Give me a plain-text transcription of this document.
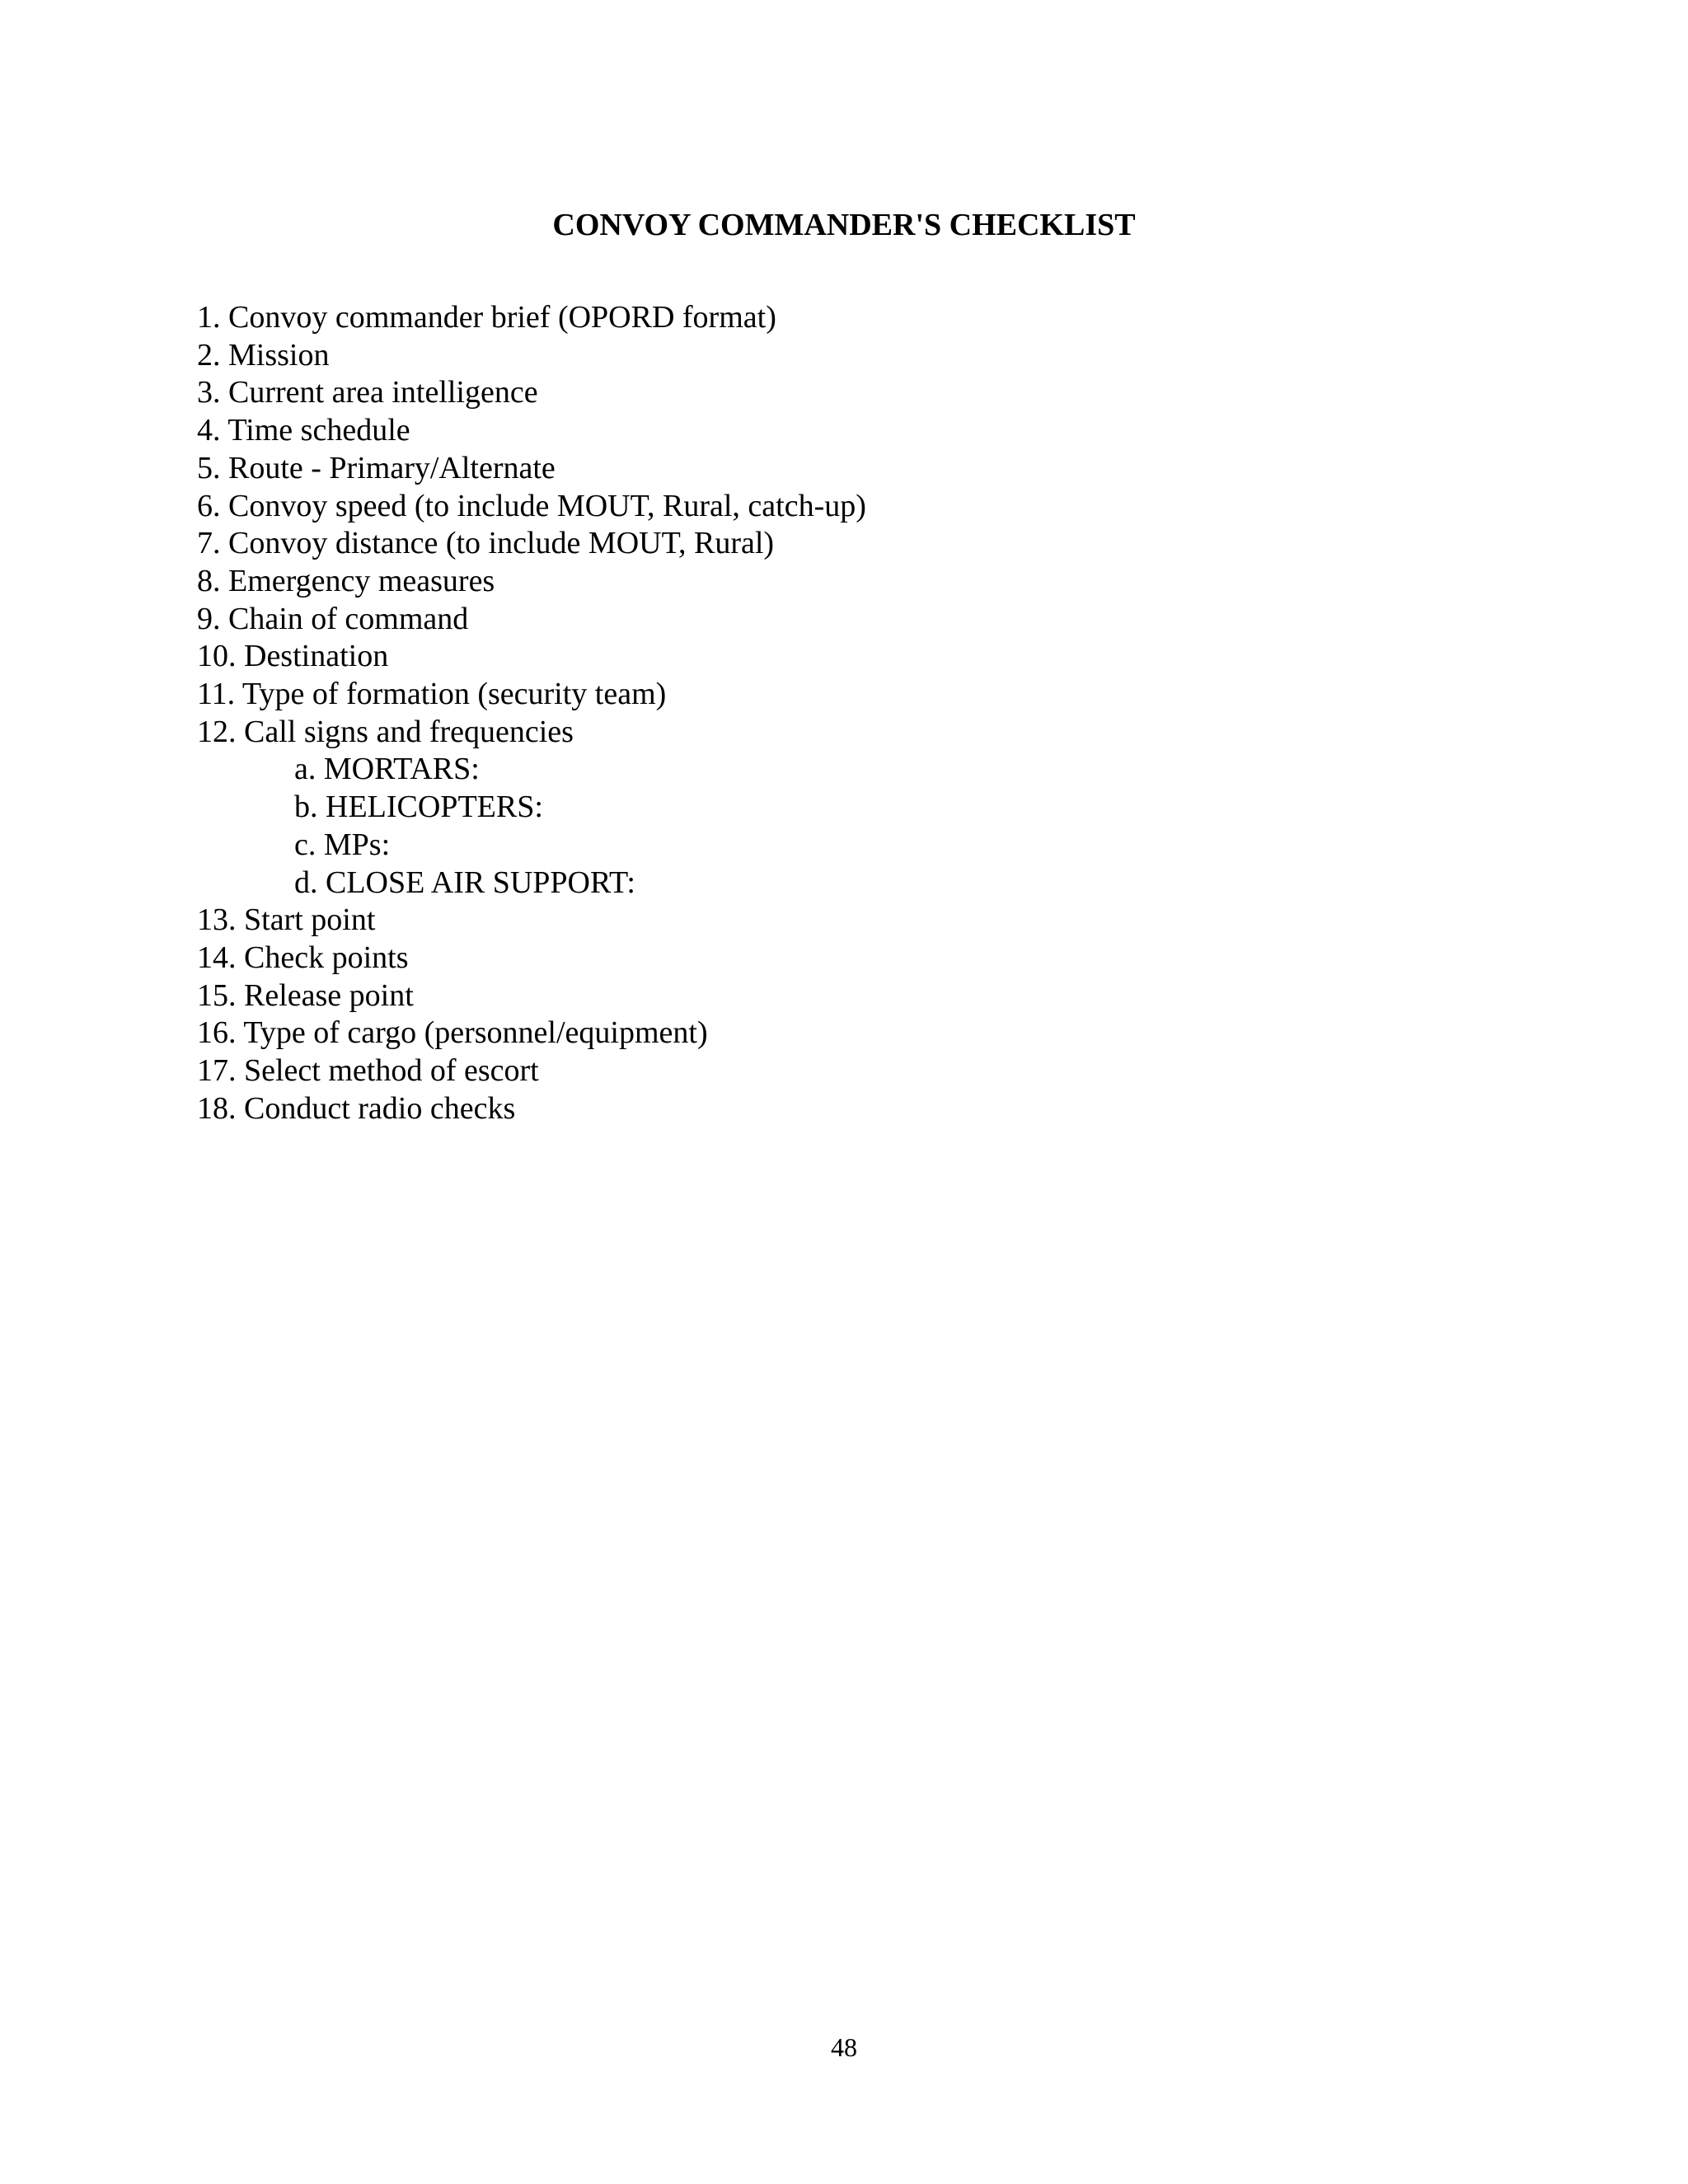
CONVOY COMMANDER'S CHECKLIST
1. Convoy commander brief (OPORD format)
2. Mission
3. Current area intelligence
4. Time schedule
5. Route - Primary/Alternate
6. Convoy speed (to include MOUT, Rural, catch-up)
7. Convoy distance (to include MOUT, Rural)
8. Emergency measures
9. Chain of command
10. Destination
11. Type of formation (security team)
12. Call signs and frequencies
a. MORTARS:
b. HELICOPTERS:
c. MPs:
d. CLOSE AIR SUPPORT:
13. Start point
14. Check points
15. Release point
16. Type of cargo (personnel/equipment)
17. Select method of escort
18. Conduct radio checks
48
